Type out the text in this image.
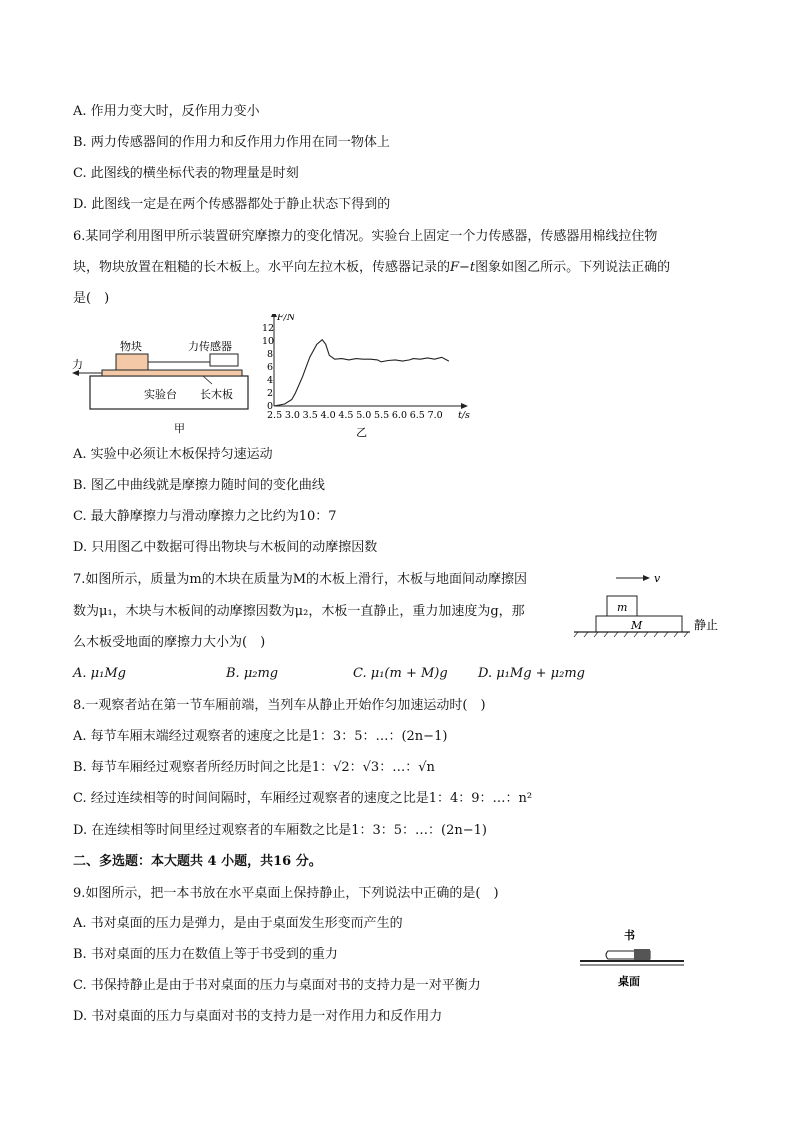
A. 作用力变大时，反作用力变小
B. 两力传感器间的作用力和反作用力作用在同一物体上
C. 此图线的横坐标代表的物理量是时刻
D. 此图线一定是在两个传感器都处于静止状态下得到的
6.某同学利用图甲所示装置研究摩擦力的变化情况。实验台上固定一个力传感器，传感器用棉线拉住物
块，物块放置在粗糙的长木板上。水平向左拉木板，传感器记录的F−t图象如图乙所示。下列说法正确的
是(　)
物块	力传感器
力
实验台 长木板
甲
2.5 3.0 3.5 4.0 4.5 5.0 5.5 6.0 6.5 7.0
0
2
4
6
8
10
12
t/s
F/N
乙
A. 实验中必须让木板保持匀速运动
B. 图乙中曲线就是摩擦力随时间的变化曲线
C. 最大静摩擦力与滑动摩擦力之比约为10：7
D. 只用图乙中数据可得出物块与木板间的动摩擦因数
7.如图所示，质量为m的木块在质量为M的木板上滑行，木板与地面间动摩擦因
数为μ₁，木块与木板间的动摩擦因数为μ₂，木板一直静止，重力加速度为g，那
么木板受地面的摩擦力大小为(　)
v
m
M	静止
A. μ₁Mg	B. μ₂mg	C. μ₁(m + M)g D. μ₁Mg + μ₂mg
8.一观察者站在第一节车厢前端，当列车从静止开始作匀加速运动时(　)
A. 每节车厢末端经过观察者的速度之比是1：3：5：…：(2n−1)
B. 每节车厢经过观察者所经历时间之比是1：√2：√3：…：√n
C. 经过连续相等的时间间隔时，车厢经过观察者的速度之比是1：4：9：…：n²
D. 在连续相等时间里经过观察者的车厢数之比是1：3：5：…：(2n−1)
二、多选题：本大题共 4 小题，共16 分。
9.如图所示，把一本书放在水平桌面上保持静止，下列说法中正确的是(　)
A. 书对桌面的压力是弹力，是由于桌面发生形变而产生的
B. 书对桌面的压力在数值上等于书受到的重力
C. 书保持静止是由于书对桌面的压力与桌面对书的支持力是一对平衡力
D. 书对桌面的压力与桌面对书的支持力是一对作用力和反作用力
书
桌面
